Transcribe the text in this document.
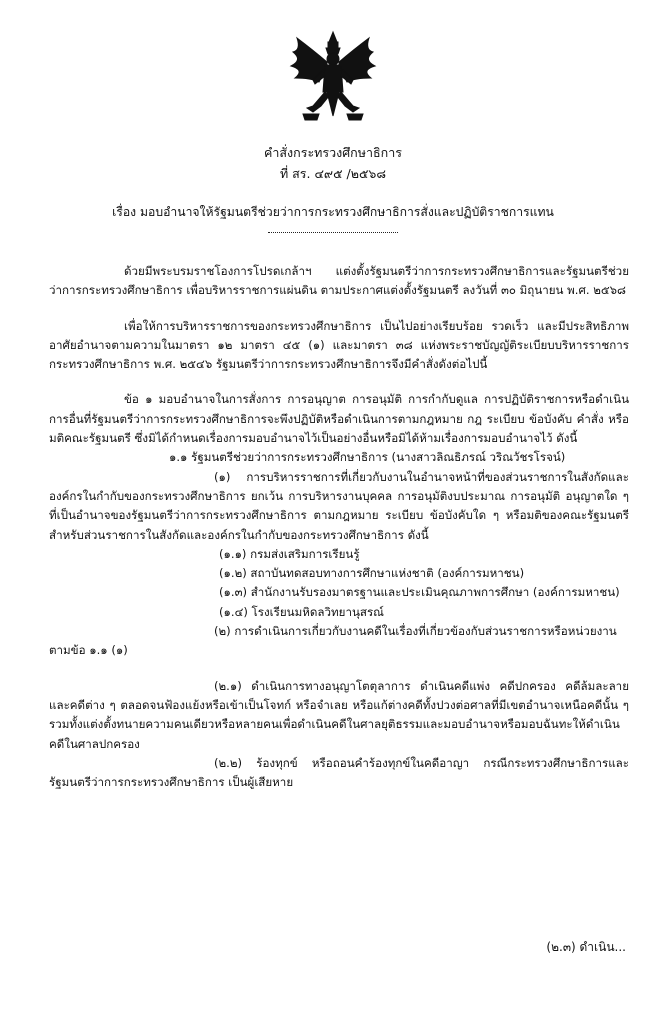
คำสั่งกระทรวงศึกษาธิการ
ที่ สร. ๔๙๕ /๒๕๖๘
เรื่อง มอบอำนาจให้รัฐมนตรีช่วยว่าการกระทรวงศึกษาธิการสั่งและปฏิบัติราชการแทน

ด้วยมีพระบรมราชโองการโปรดเกล้าฯ แต่งตั้งรัฐมนตรีว่าการกระทรวงศึกษาธิการและรัฐมนตรีช่วยว่าการกระทรวงศึกษาธิการ เพื่อบริหารราชการแผ่นดิน ตามประกาศแต่งตั้งรัฐมนตรี ลงวันที่ ๓๐ มิถุนายน พ.ศ. ๒๕๖๘

เพื่อให้การบริหารราชการของกระทรวงศึกษาธิการ เป็นไปอย่างเรียบร้อย รวดเร็ว และมีประสิทธิภาพ อาศัยอำนาจตามความในมาตรา ๑๒ มาตรา ๔๕ (๑) และมาตรา ๓๘ แห่งพระราชบัญญัติระเบียบบริหารราชการกระทรวงศึกษาธิการ พ.ศ. ๒๕๔๖ รัฐมนตรีว่าการกระทรวงศึกษาธิการจึงมีคำสั่งดังต่อไปนี้

ข้อ ๑ มอบอำนาจในการสั่งการ การอนุญาต การอนุมัติ การกำกับดูแล การปฏิบัติราชการหรือดำเนินการอื่นที่รัฐมนตรีว่าการกระทรวงศึกษาธิการจะพึงปฏิบัติหรือดำเนินการตามกฎหมาย กฎ ระเบียบ ข้อบังคับ คำสั่ง หรือมติคณะรัฐมนตรี ซึ่งมิได้กำหนดเรื่องการมอบอำนาจไว้เป็นอย่างอื่นหรือมิได้ห้ามเรื่องการมอบอำนาจไว้ ดังนี้

๑.๑ รัฐมนตรีช่วยว่าการกระทรวงศึกษาธิการ (นางสาวลิณธิภรณ์ วริณวัชรโรจน์)

(๑) การบริหารราชการที่เกี่ยวกับงานในอำนาจหน้าที่ของส่วนราชการในสังกัดและองค์กรในกำกับของกระทรวงศึกษาธิการ ยกเว้น การบริหารงานบุคคล การอนุมัติงบประมาณ การอนุมัติ อนุญาตใด ๆ ที่เป็นอำนาจของรัฐมนตรีว่าการกระทรวงศึกษาธิการ ตามกฎหมาย ระเบียบ ข้อบังคับใด ๆ หรือมติของคณะรัฐมนตรี สำหรับส่วนราชการในสังกัดและองค์กรในกำกับของกระทรวงศึกษาธิการ ดังนี้

(๑.๑) กรมส่งเสริมการเรียนรู้

(๑.๒) สถาบันทดสอบทางการศึกษาแห่งชาติ (องค์การมหาชน)

(๑.๓) สำนักงานรับรองมาตรฐานและประเมินคุณภาพการศึกษา (องค์การมหาชน)

(๑.๔) โรงเรียนมหิดลวิทยานุสรณ์

(๒) การดำเนินการเกี่ยวกับงานคดีในเรื่องที่เกี่ยวข้องกับส่วนราชการหรือหน่วยงาน

ตามข้อ ๑.๑ (๑)

(๒.๑) ดำเนินการทางอนุญาโตตุลาการ ดำเนินคดีแพ่ง คดีปกครอง คดีล้มละลาย และคดีต่าง ๆ ตลอดจนฟ้องแย้งหรือเข้าเป็นโจทก์ หรือจำเลย หรือแก้ต่างคดีทั้งปวงต่อศาลที่มีเขตอำนาจเหนือคดีนั้น ๆ รวมทั้งแต่งตั้งทนายความคนเดียวหรือหลายคนเพื่อดำเนินคดีในศาลยุติธรรมและมอบอำนาจหรือมอบฉันทะให้ดำเนินคดีในศาลปกครอง

(๒.๒) ร้องทุกข์ หรือถอนคำร้องทุกข์ในคดีอาญา กรณีกระทรวงศึกษาธิการและรัฐมนตรีว่าการกระทรวงศึกษาธิการ เป็นผู้เสียหาย

(๒.๓) ดำเนิน...
